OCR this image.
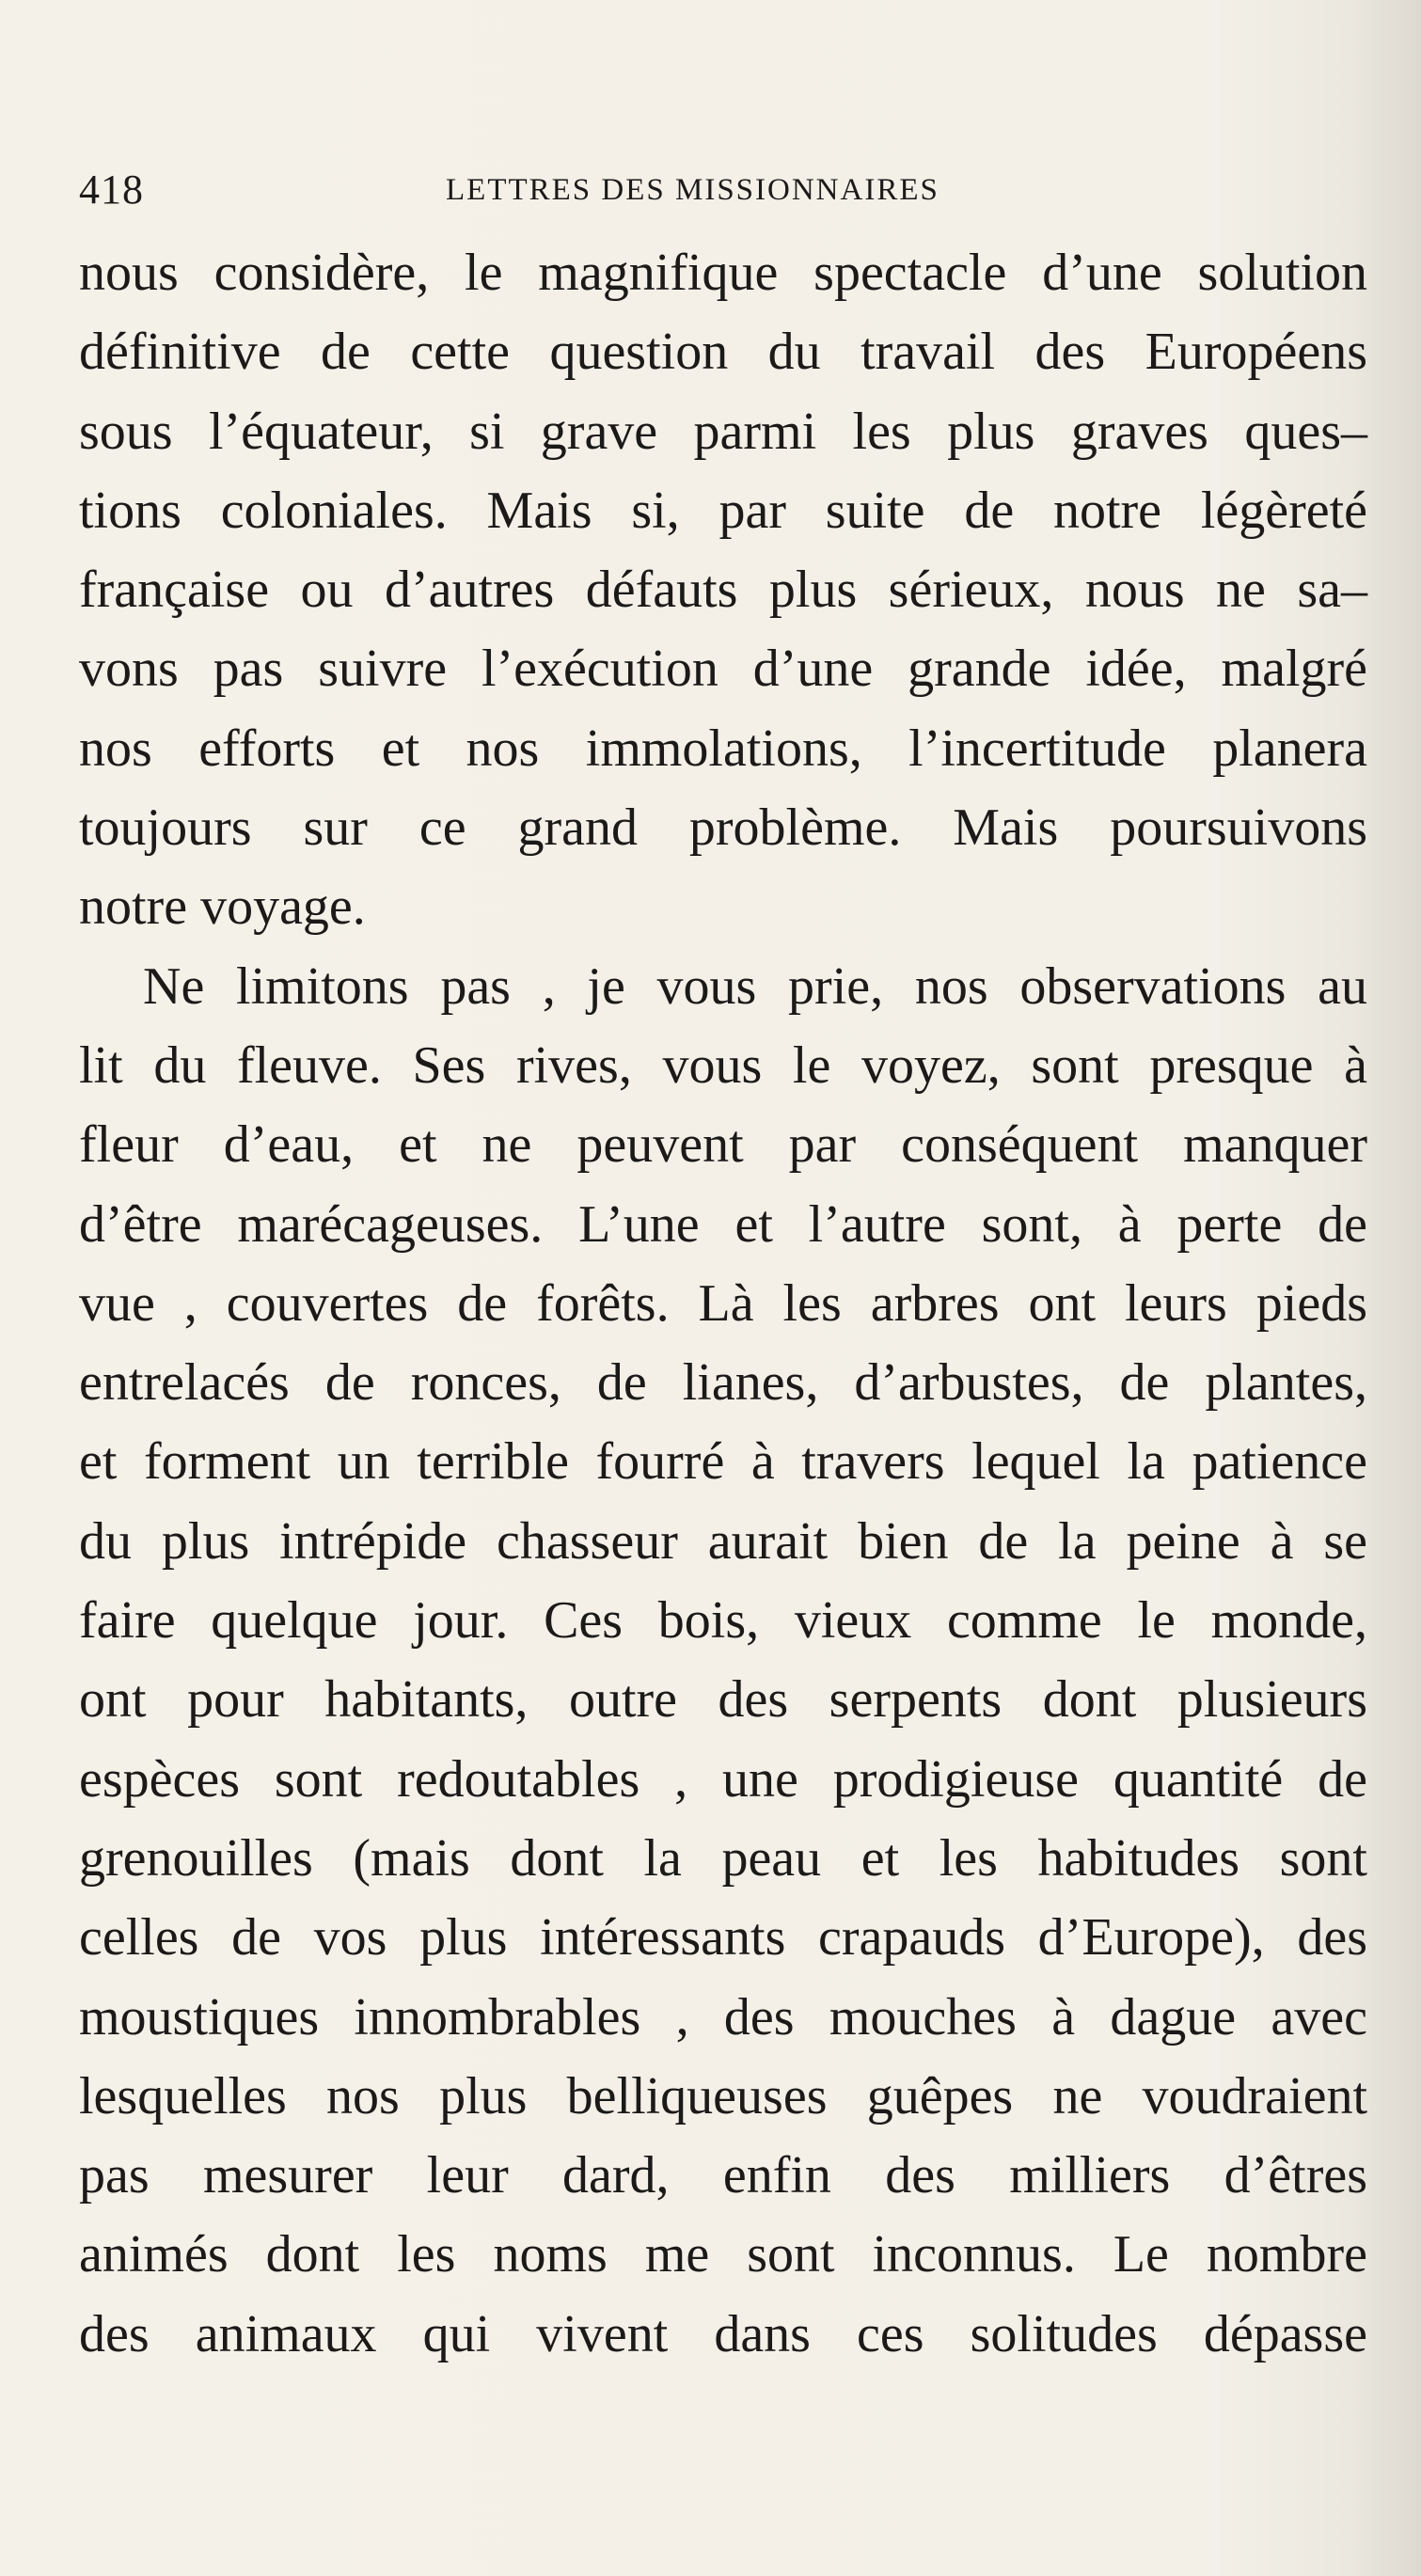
418	LETTRES DES MISSIONNAIRES
nous considère, le magnifique spectacle d’une solution
définitive de cette question du travail des Européens
sous l’équateur, si grave parmi les plus graves ques–
tions coloniales. Mais si, par suite de notre légèreté
française ou d’autres défauts plus sérieux, nous ne sa–
vons pas suivre l’exécution d’une grande idée, malgré
nos efforts et nos immolations, l’incertitude planera
toujours sur ce grand problème. Mais poursuivons
notre voyage.
Ne limitons pas , je vous prie, nos observations au
lit du fleuve. Ses rives, vous le voyez, sont presque à
fleur d’eau, et ne peuvent par conséquent manquer
d’être marécageuses. L’une et l’autre sont, à perte de
vue , couvertes de forêts. Là les arbres ont leurs pieds
entrelacés de ronces, de lianes, d’arbustes, de plantes,
et forment un terrible fourré à travers lequel la patience
du plus intrépide chasseur aurait bien de la peine à se
faire quelque jour. Ces bois, vieux comme le monde,
ont pour habitants, outre des serpents dont plusieurs
espèces sont redoutables , une prodigieuse quantité de
grenouilles (mais dont la peau et les habitudes sont
celles de vos plus intéressants crapauds d’Europe), des
moustiques innombrables , des mouches à dague avec
lesquelles nos plus belliqueuses guêpes ne voudraient
pas mesurer leur dard, enfin des milliers d’êtres
animés dont les noms me sont inconnus. Le nombre
des animaux qui vivent dans ces solitudes dépasse
